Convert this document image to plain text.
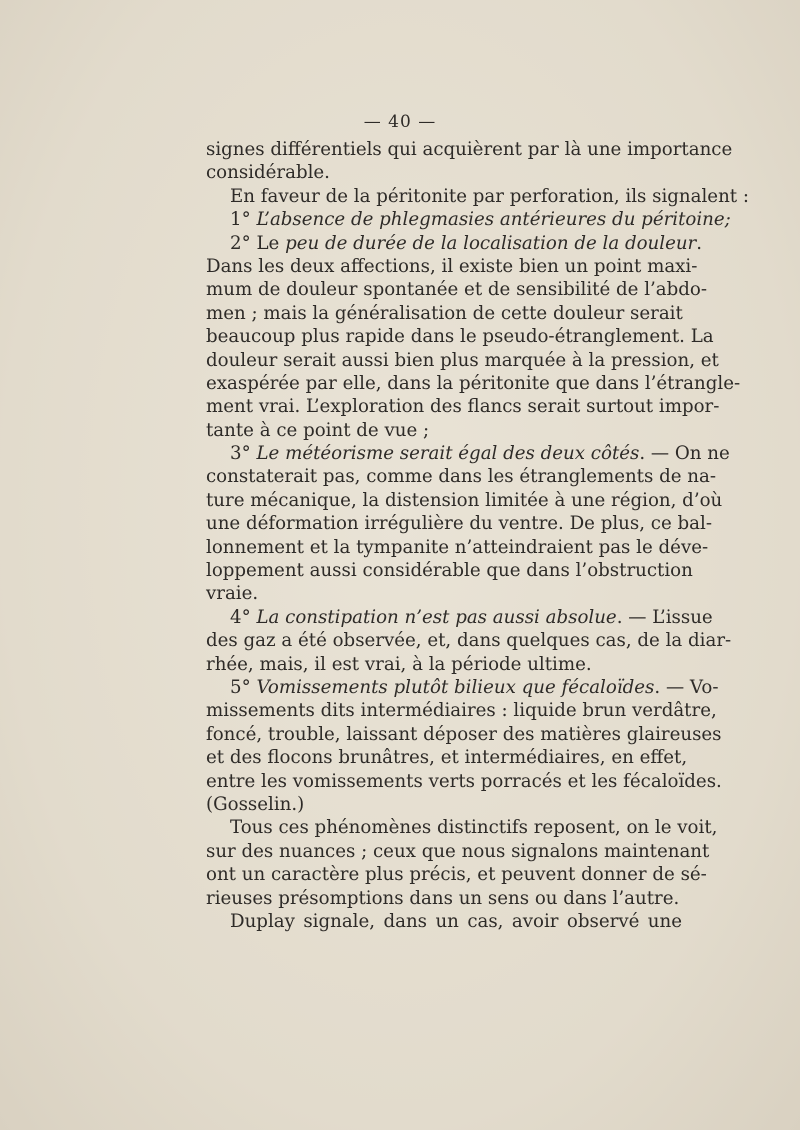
— 40 —
signes différentiels qui acquièrent par là une importance
considérable.
En faveur de la péritonite par perforation, ils signalent :
1° L’absence de phlegmasies antérieures du péritoine;
2° Le peu de durée de la localisation de la douleur.
Dans les deux affections, il existe bien un point maxi-
mum de douleur spontanée et de sensibilité de l’abdo-
men ; mais la généralisation de cette douleur serait
beaucoup plus rapide dans le pseudo-étranglement. La
douleur serait aussi bien plus marquée à la pression, et
exaspérée par elle, dans la péritonite que dans l’étrangle-
ment vrai. L’exploration des flancs serait surtout impor-
tante à ce point de vue ;
3° Le météorisme serait égal des deux côtés. — On ne
constaterait pas, comme dans les étranglements de na-
ture mécanique, la distension limitée à une région, d’où
une déformation irrégulière du ventre. De plus, ce bal-
lonnement et la tympanite n’atteindraient pas le déve-
loppement aussi considérable que dans l’obstruction
vraie.
4° La constipation n’est pas aussi absolue. — L’issue
des gaz a été observée, et, dans quelques cas, de la diar-
rhée, mais, il est vrai, à la période ultime.
5° Vomissements plutôt bilieux que fécaloïdes. — Vo-
missements dits intermédiaires : liquide brun verdâtre,
foncé, trouble, laissant déposer des matières glaireuses
et des flocons brunâtres, et intermédiaires, en effet,
entre les vomissements verts porracés et les fécaloïdes.
(Gosselin.)
Tous ces phénomènes distinctifs reposent, on le voit,
sur des nuances ; ceux que nous signalons maintenant
ont un caractère plus précis, et peuvent donner de sé-
rieuses présomptions dans un sens ou dans l’autre.
Duplay signale, dans un cas, avoir observé une
